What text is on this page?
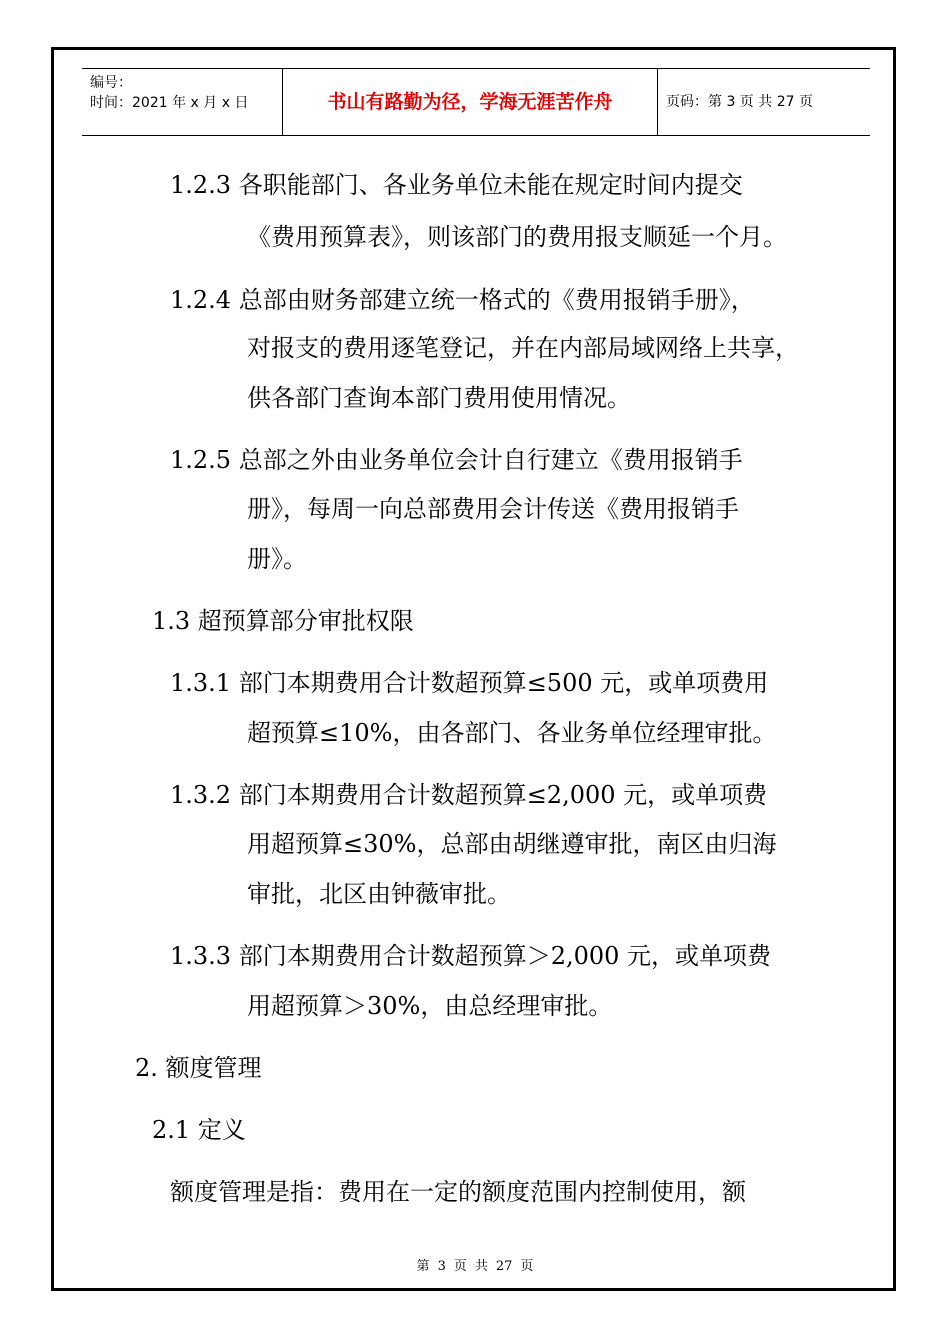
编号：
时间：2021 年 x 月 x 日	书山有路勤为径，学海无涯苦作舟	页码：第 3 页 共 27 页
1.2.3 各职能部门、各业务单位未能在规定时间内提交
《费用预算表》，则该部门的费用报支顺延一个月。
1.2.4 总部由财务部建立统一格式的《费用报销手册》，
对报支的费用逐笔登记，并在内部局域网络上共享，
供各部门查询本部门费用使用情况。
1.2.5 总部之外由业务单位会计自行建立《费用报销手
册》，每周一向总部费用会计传送《费用报销手
册》。
1.3 超预算部分审批权限
1.3.1 部门本期费用合计数超预算≤500 元，或单项费用
超预算≤10%，由各部门、各业务单位经理审批。
1.3.2 部门本期费用合计数超预算≤2,000 元，或单项费
用超预算≤30%，总部由胡继遵审批，南区由归海
审批，北区由钟薇审批。
1.3.3 部门本期费用合计数超预算＞2,000 元，或单项费
用超预算＞30%，由总经理审批。
2. 额度管理
2.1 定义
额度管理是指：费用在一定的额度范围内控制使用，额
第 3 页 共 27 页
